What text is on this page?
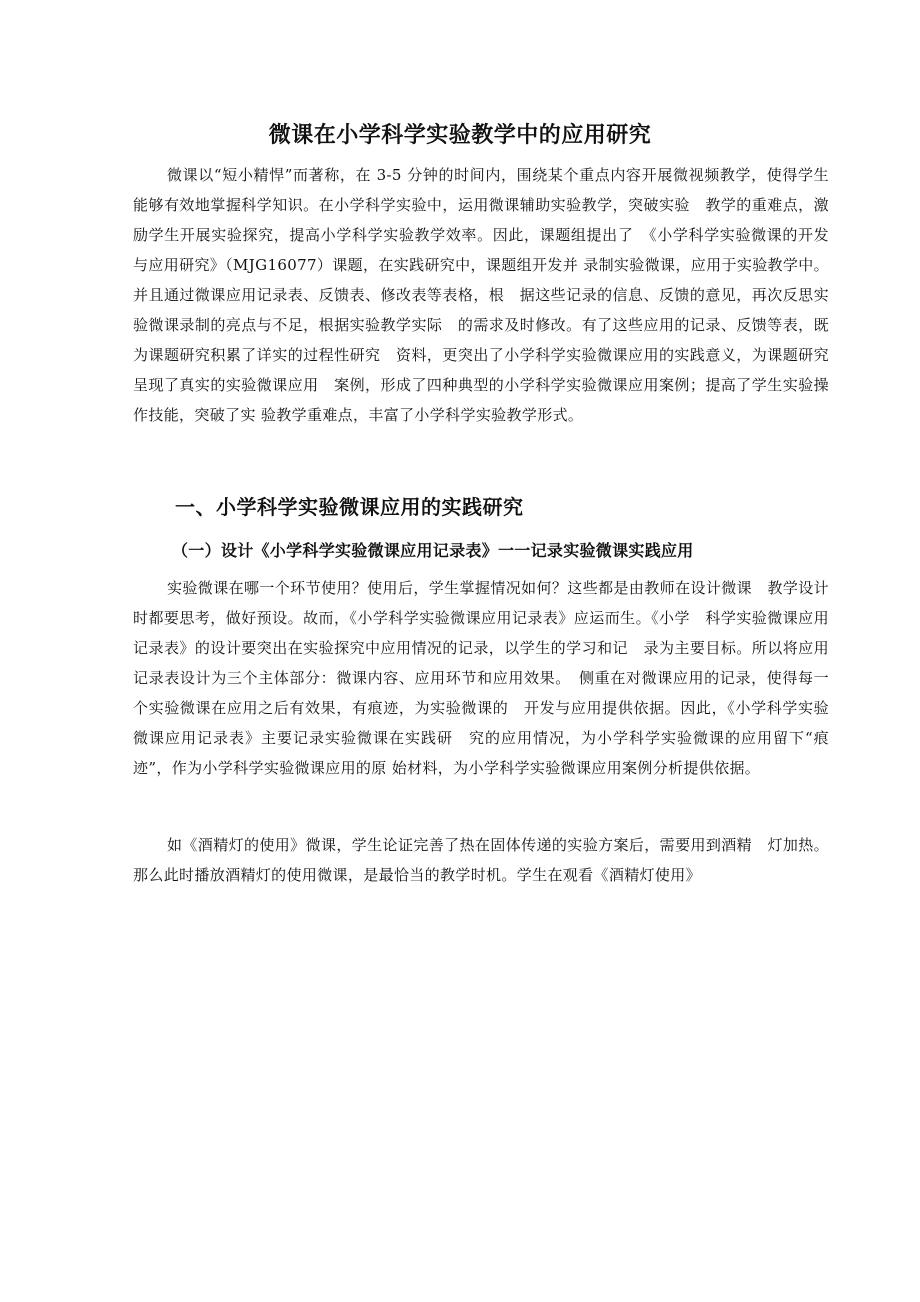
微课在小学科学实验教学中的应用研究

微课以“短小精悍”而著称，在 3-5 分钟的时间内，围绕某个重点内容开展微视频教学，使得学生能够有效地掌握科学知识。在小学科学实验中，运用微课辅助实验教学，突破实验　教学的重难点，激励学生开展实验探究，提高小学科学实验教学效率。因此，课题组提出了　《小学科学实验微课的开发与应用研究》（MJG16077）课题，在实践研究中，课题组开发并 录制实验微课，应用于实验教学中。并且通过微课应用记录表、反馈表、修改表等表格，根　据这些记录的信息、反馈的意见，再次反思实验微课录制的亮点与不足，根据实验教学实际　的需求及时修改。有了这些应用的记录、反馈等表，既为课题研究积累了详实的过程性研究　资料，更突出了小学科学实验微课应用的实践意义，为课题研究呈现了真实的实验微课应用　案例，形成了四种典型的小学科学实验微课应用案例；提高了学生实验操作技能，突破了实 验教学重难点，丰富了小学科学实验教学形式。

一、小学科学实验微课应用的实践研究
（一）设计《小学科学实验微课应用记录表》一一记录实验微课实践应用

实验微课在哪一个环节使用？使用后，学生掌握情况如何？这些都是由教师在设计微课　教学设计时都要思考，做好预设。故而，《小学科学实验微课应用记录表》应运而生。《小学　科学实验微课应用记录表》的设计要突出在实验探究中应用情况的记录，以学生的学习和记　录为主要目标。所以将应用记录表设计为三个主体部分：微课内容、应用环节和应用效果。　侧重在对微课应用的记录，使得每一个实验微课在应用之后有效果，有痕迹，为实验微课的　开发与应用提供依据。因此，《小学科学实验微课应用记录表》主要记录实验微课在实践研　究的应用情况，为小学科学实验微课的应用留下“痕迹”，作为小学科学实验微课应用的原 始材料，为小学科学实验微课应用案例分析提供依据。

如《酒精灯的使用》微课，学生论证完善了热在固体传递的实验方案后，需要用到酒精　灯加热。那么此时播放酒精灯的使用微课，是最恰当的教学时机。学生在观看《酒精灯使用》
